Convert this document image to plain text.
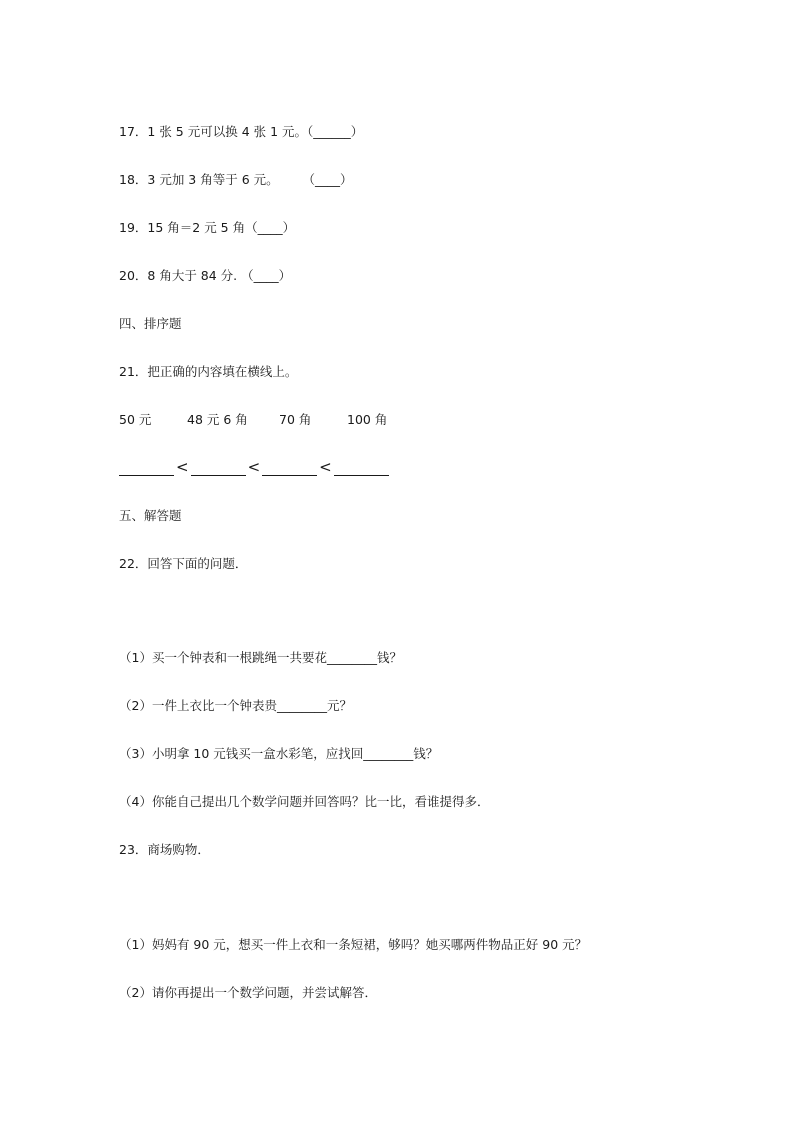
17．1 张 5 元可以换 4 张 1 元。（______）
18．3 元加 3 角等于 6 元。      （____）
19．15 角＝2 元 5 角（____）
20．8 角大于 84 分. （____）
四、排序题
21．把正确的内容填在横线上。
50 元	48 元 6 角 70 角	100 角
<	<	<
五、解答题
22．回答下面的问题．
（1）买一个钟表和一根跳绳一共要花________钱？
（2）一件上衣比一个钟表贵________元？
（3）小明拿 10 元钱买一盒水彩笔，应找回________钱？
（4）你能自己提出几个数学问题并回答吗？比一比，看谁提得多．
23．商场购物．
（1）妈妈有 90 元，想买一件上衣和一条短裙，够吗？她买哪两件物品正好 90 元？
（2）请你再提出一个数学问题，并尝试解答．
